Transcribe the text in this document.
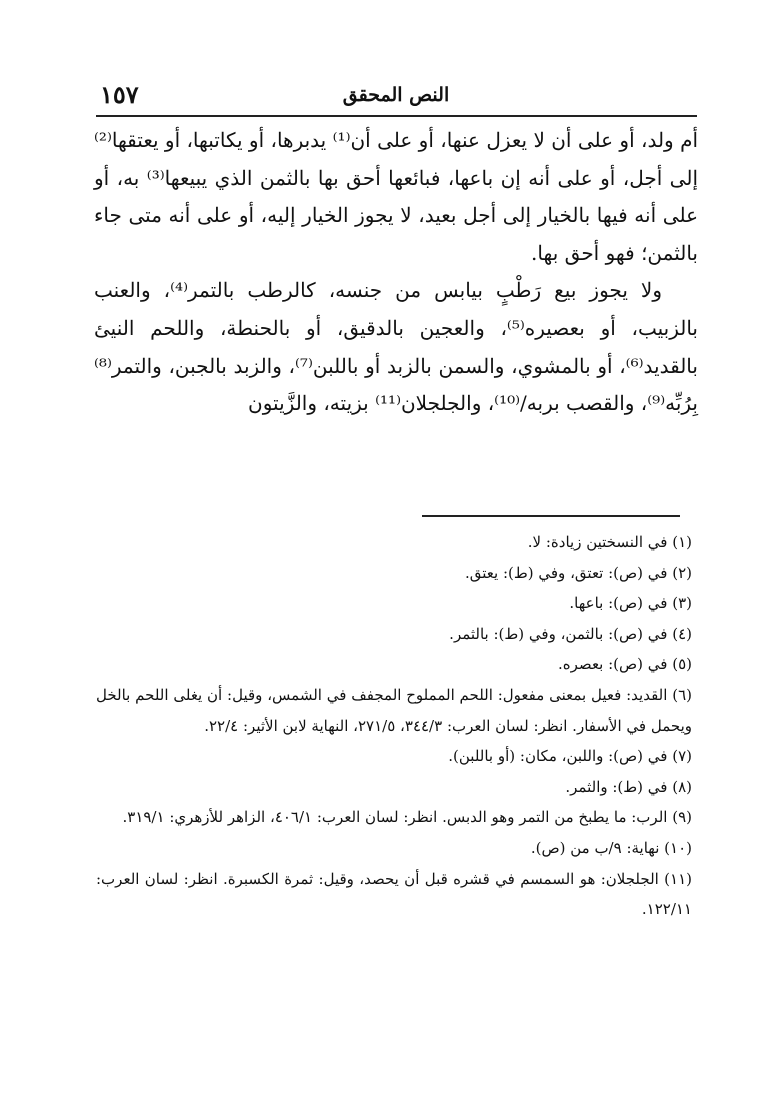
النص المحقق
١٥٧

أم ولد، أو على أن لا يعزل عنها، أو على أن⁽¹⁾ يدبرها، أو يكاتبها، أو يعتقها⁽²⁾ إلى أجل، أو على أنه إن باعها، فبائعها أحق بها بالثمن الذي يبيعها⁽³⁾ به، أو على أنه فيها بالخيار إلى أجل بعيد، لا يجوز الخيار إليه، أو على أنه متى جاء بالثمن؛ فهو أحق بها.

ولا يجوز بيع رَطْبٍ بيابس من جنسه، كالرطب بالتمر⁽⁴⁾، والعنب بالزبيب، أو بعصيره⁽⁵⁾، والعجين بالدقيق، أو بالحنطة، واللحم النيئ بالقديد⁽⁶⁾، أو بالمشوي، والسمن بالزبد أو باللبن⁽⁷⁾، والزبد بالجبن، والتمر⁽⁸⁾ بِرُبِّه⁽⁹⁾، والقصب بربه/⁽¹⁰⁾، والجلجلان⁽¹¹⁾ بزيته، والزَّيتون

(١) في النسختين زيادة: لا.

(٢) في (ص): تعتق، وفي (ط): يعتق.

(٣) في (ص): باعها.

(٤) في (ص): بالثمن، وفي (ط): بالثمر.

(٥) في (ص): بعصره.

(٦) القديد: فعيل بمعنى مفعول: اللحم المملوح المجفف في الشمس، وقيل: أن يغلى اللحم بالخل ويحمل في الأسفار. انظر: لسان العرب: ٣٤٤/٣، ٢٧١/٥، النهاية لابن الأثير: ٢٢/٤.

(٧) في (ص): واللبن، مكان: (أو باللبن).

(٨) في (ط): والثمر.

(٩) الرب: ما يطبخ من التمر وهو الدبس. انظر: لسان العرب: ٤٠٦/١، الزاهر للأزهري: ٣١٩/١.

(١٠) نهاية: ٩/ب من (ص).

(١١) الجلجلان: هو السمسم في قشره قبل أن يحصد، وقيل: ثمرة الكسبرة. انظر: لسان العرب: ١٢٢/١١.
